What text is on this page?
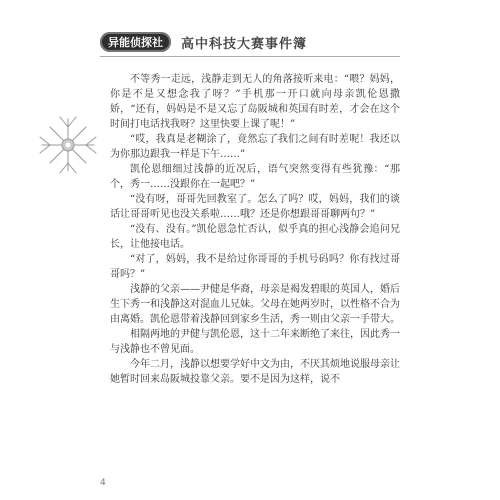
异能侦探社	高中科技大赛事件簿

不等秀一走远，浅静走到无人的角落接听来电：“喂？妈妈，你是不是又想念我了呀？”手机那一开口就向母亲凯伦恩撒娇，“还有，妈妈是不是又忘了岛阪城和英国有时差，才会在这个时间打电话找我呀？这里快要上课了呢！”

“哎，我真是老糊涂了，竟然忘了我们之间有时差呢！我还以为你那边跟我一样是下午……”

凯伦恩细细过浅静的近况后，语气突然变得有些犹豫：“那个，秀一……没跟你在一起吧？”

“没有呀，哥哥先回教室了。怎么了吗？哎，妈妈，我们的谈话让哥哥听见也没关系啦……哦？还是你想跟哥哥聊两句？”

“没有、没有。”凯伦恩急忙否认，似乎真的担心浅静会追问兄长，让他接电话。

“对了，妈妈，我不是给过你哥哥的手机号码吗？你有找过哥哥吗？”

浅静的父亲——尹健是华裔，母亲是褐发碧眼的英国人，婚后生下秀一和浅静这对混血儿兄妹。父母在她两岁时，以性格不合为由离婚。凯伦恩带着浅静回到家乡生活，秀一则由父亲一手带大。

相隔两地的尹健与凯伦恩，这十二年来断绝了来往，因此秀一与浅静也不曾见面。

今年二月，浅静以想要学好中文为由，不厌其烦地说服母亲让她暂时回来岛阪城投靠父亲。要不是因为这样，说不

4
